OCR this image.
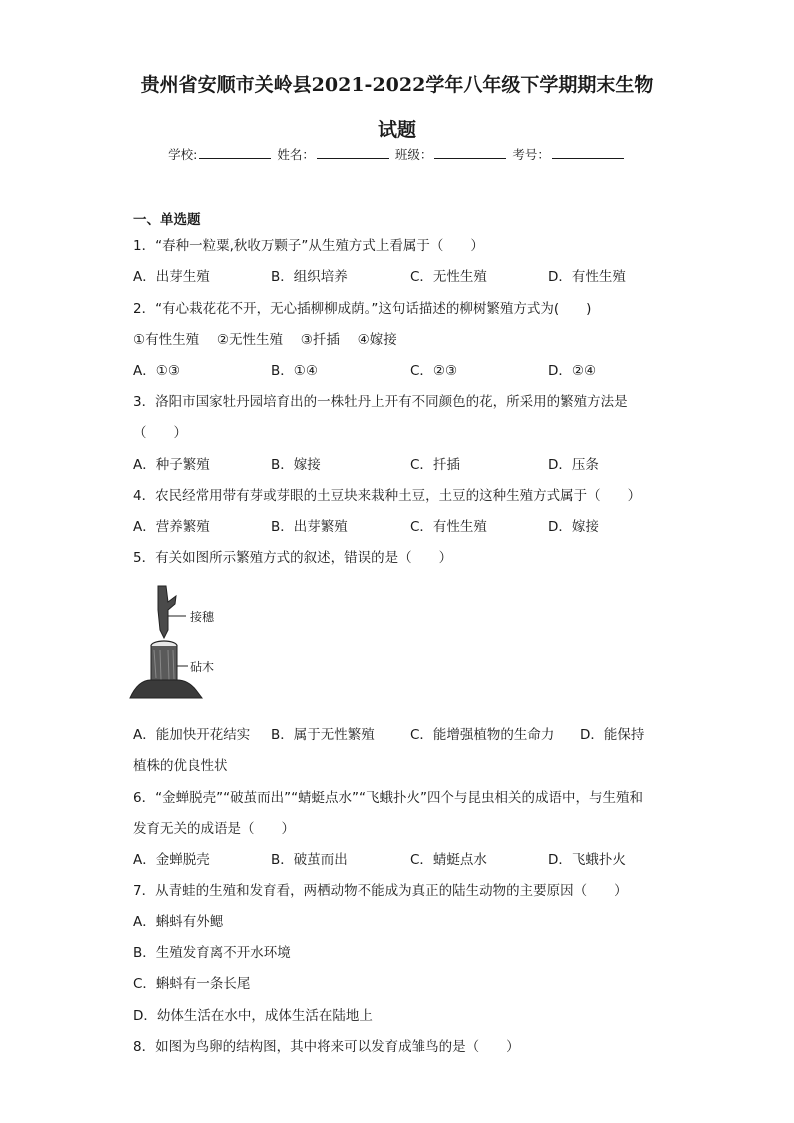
贵州省安顺市关岭县2021-2022学年八年级下学期期末生物
试题
学校:	姓名：	班级：	考号：
一、单选题
1．“春种一粒粟,秋收万颗子”从生殖方式上看属于（　　）
A．出芽生殖	B．组织培养	C．无性生殖	D．有性生殖
2．“有心栽花花不开，无心插柳柳成荫。”这句话描述的柳树繁殖方式为(　　)
①有性生殖　 ②无性生殖　 ③扦插　 ④嫁接
A．①③	B．①④	C．②③	D．②④
3．洛阳市国家牡丹园培育出的一株牡丹上开有不同颜色的花，所采用的繁殖方法是
（　　）
A．种子繁殖	B．嫁接	C．扦插	D．压条
4．农民经常用带有芽或芽眼的土豆块来栽种土豆，土豆的这种生殖方式属于（　　）
A．营养繁殖	B．出芽繁殖	C．有性生殖	D．嫁接
5．有关如图所示繁殖方式的叙述，错误的是（　　）
接穗
砧木
A．能加快开花结实 B．属于无性繁殖	C．能增强植物的生命力 D．能保持
植株的优良性状
6．“金蝉脱壳”“破茧而出”“蜻蜓点水”“飞蛾扑火”四个与昆虫相关的成语中，与生殖和
发育无关的成语是（　　）
A．金蝉脱壳	B．破茧而出	C．蜻蜓点水	D．飞蛾扑火
7．从青蛙的生殖和发育看，两栖动物不能成为真正的陆生动物的主要原因（　　）
A．蝌蚪有外鳃
B．生殖发育离不开水环境
C．蝌蚪有一条长尾
D．幼体生活在水中，成体生活在陆地上
8．如图为鸟卵的结构图，其中将来可以发育成雏鸟的是（　　）
